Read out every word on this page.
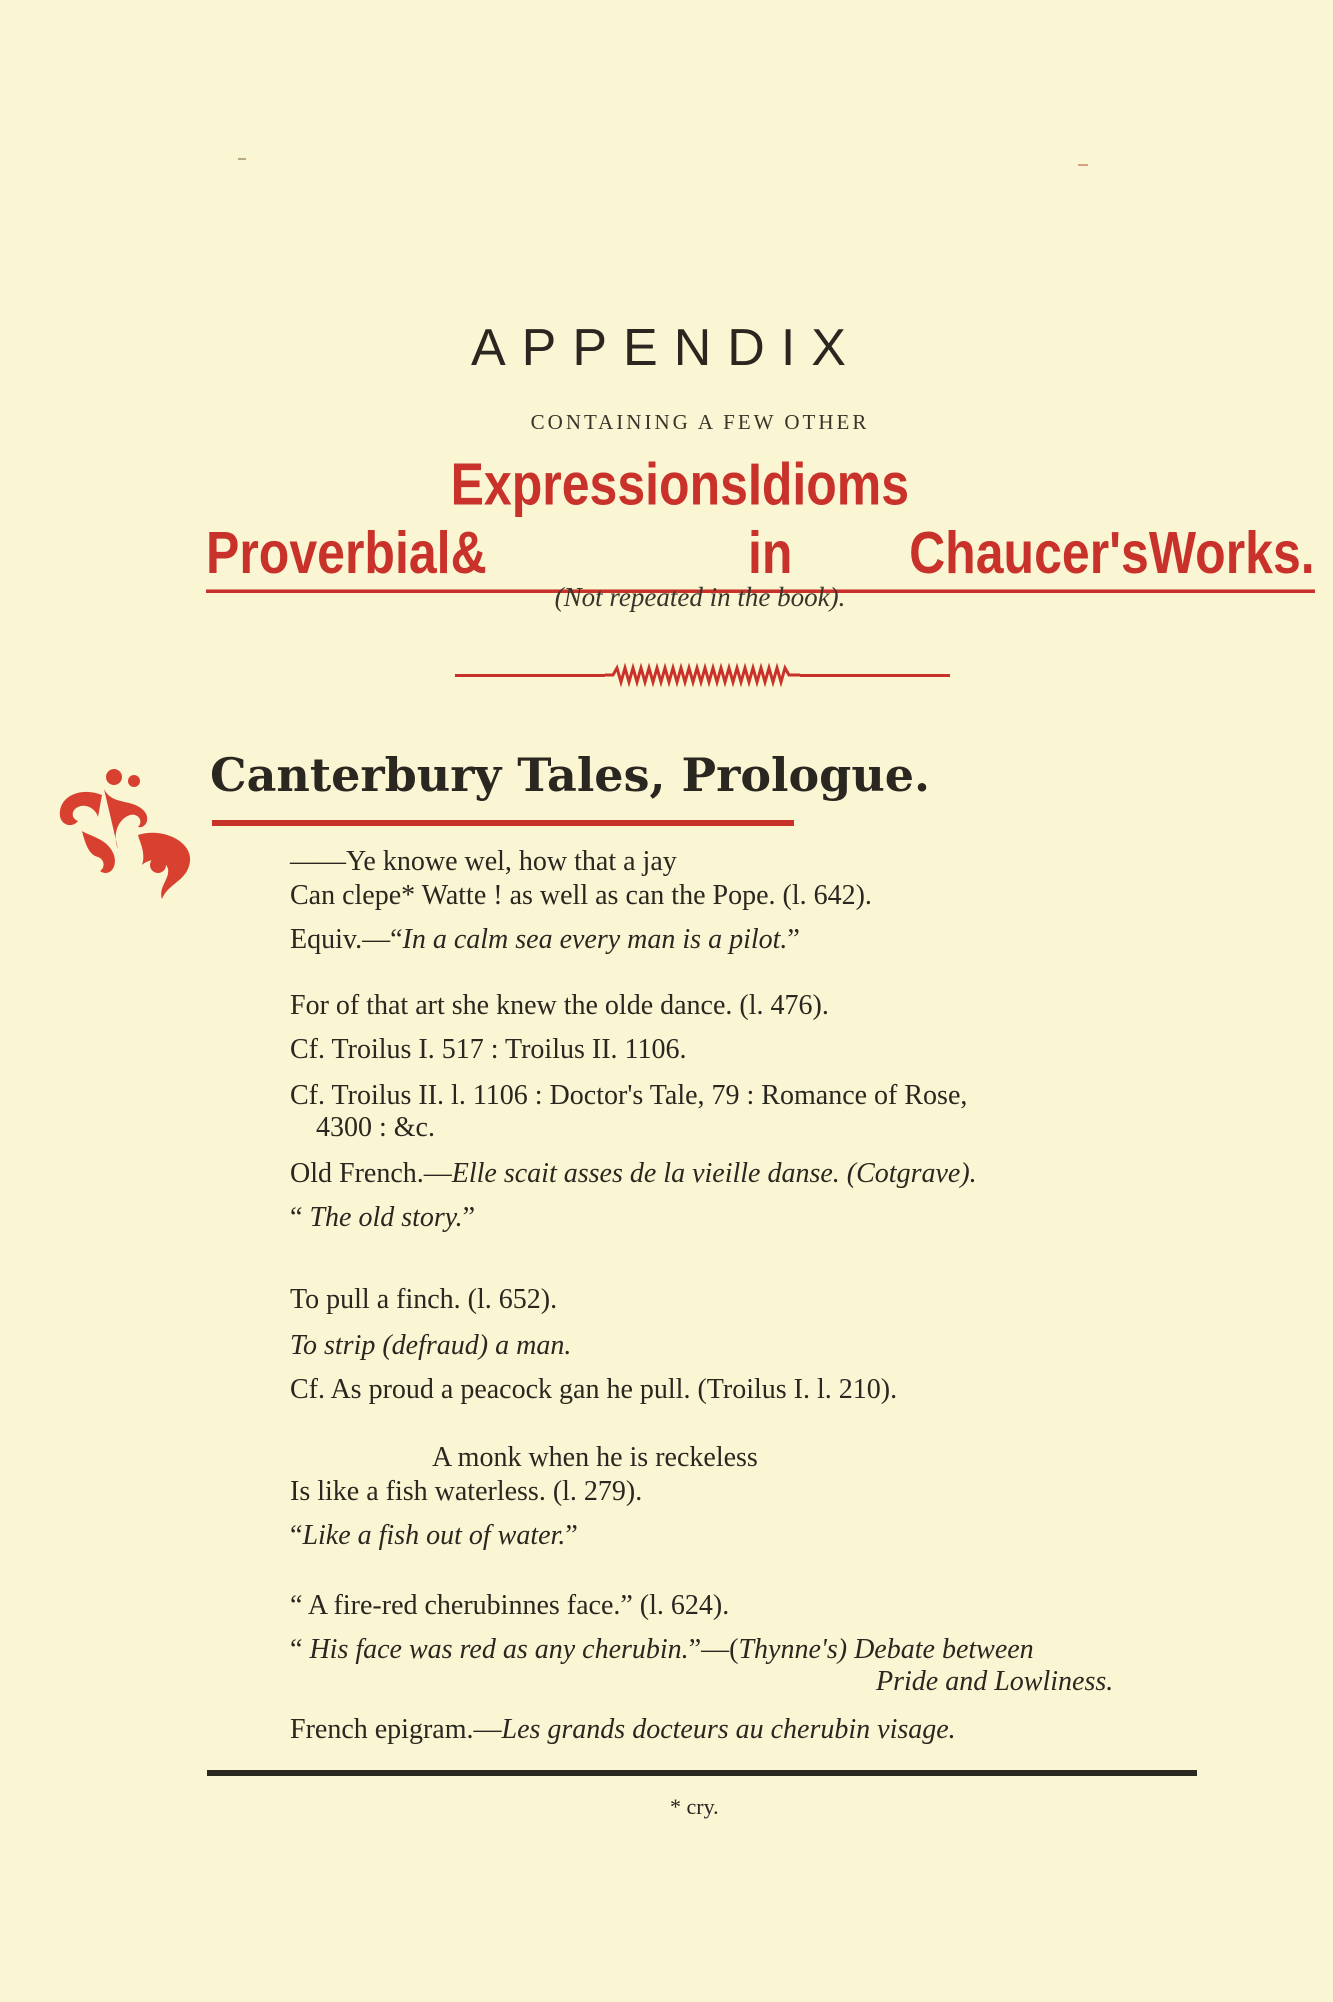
APPENDIX
CONTAINING A FEW OTHER
Proverbial
Expressions &
Idioms in	Chaucer's Works.
(Not repeated in the book).
Canterbury Tales, Prologue.
——Ye knowe wel, how that a jay
Can clepe* Watte ! as well as can the Pope. (l. 642).
Equiv.—“In a calm sea every man is a pilot.”
For of that art she knew the olde dance. (l. 476).
Cf. Troilus I. 517 : Troilus II. 1106.
Cf. Troilus II. l. 1106 : Doctor's Tale, 79 : Romance of Rose,
4300 : &c.
Old French.—Elle scait asses de la vieille danse. (Cotgrave).
“ The old story.”
To pull a finch. (l. 652).
To strip (defraud) a man.
Cf. As proud a peacock gan he pull. (Troilus I. l. 210).
A monk when he is reckeless
Is like a fish waterless. (l. 279).
“Like a fish out of water.”
“ A fire-red cherubinnes face.” (l. 624).
“ His face was red as any cherubin.”—(Thynne's) Debate between
Pride and Lowliness.
French epigram.—Les grands docteurs au cherubin visage.
* cry.
